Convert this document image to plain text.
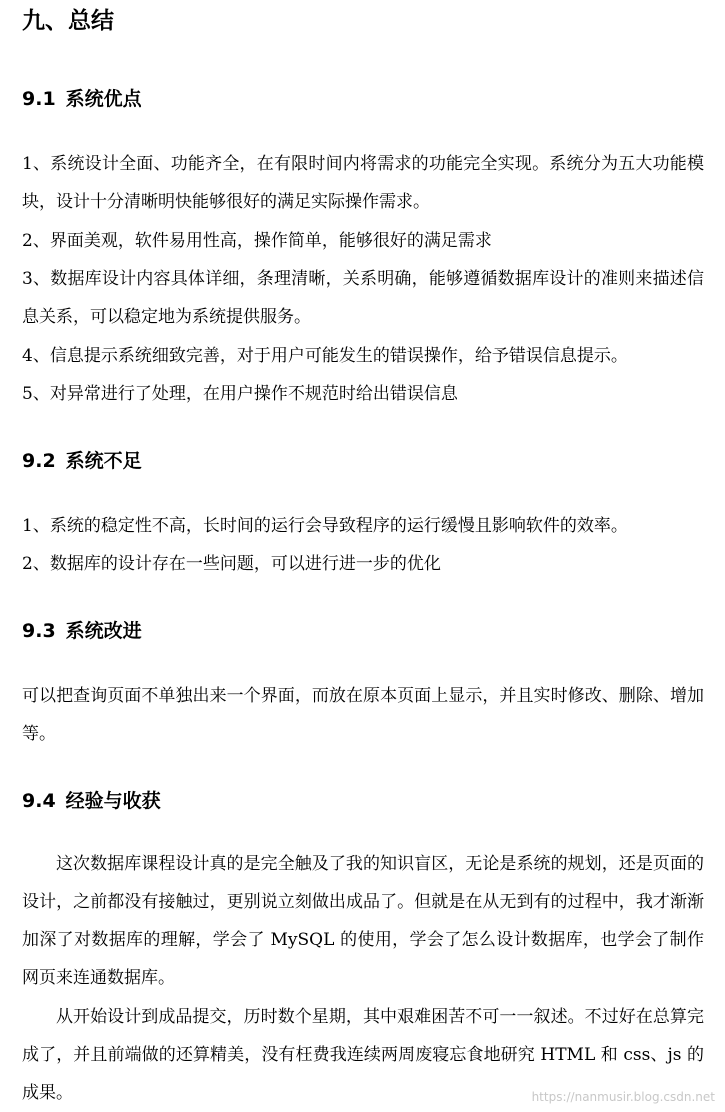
九、总结
9.1 系统优点
1、系统设计全面、功能齐全，在有限时间内将需求的功能完全实现。系统分为五大功能模块，设计十分清晰明快能够很好的满足实际操作需求。
2、界面美观，软件易用性高，操作简单，能够很好的满足需求
3、数据库设计内容具体详细，条理清晰，关系明确，能够遵循数据库设计的准则来描述信息关系，可以稳定地为系统提供服务。
4、信息提示系统细致完善，对于用户可能发生的错误操作，给予错误信息提示。
5、对异常进行了处理，在用户操作不规范时给出错误信息
9.2 系统不足
1、系统的稳定性不高，长时间的运行会导致程序的运行缓慢且影响软件的效率。
2、数据库的设计存在一些问题，可以进行进一步的优化
9.3 系统改进
可以把查询页面不单独出来一个界面，而放在原本页面上显示，并且实时修改、删除、增加等。
9.4 经验与收获
这次数据库课程设计真的是完全触及了我的知识盲区，无论是系统的规划，还是页面的设计，之前都没有接触过，更别说立刻做出成品了。但就是在从无到有的过程中，我才渐渐加深了对数据库的理解，学会了 MySQL 的使用，学会了怎么设计数据库，也学会了制作网页来连通数据库。
从开始设计到成品提交，历时数个星期，其中艰难困苦不可一一叙述。不过好在总算完成了，并且前端做的还算精美，没有枉费我连续两周废寝忘食地研究 HTML 和 css、js 的成果。	https://nanmusir.blog.csdn.net
